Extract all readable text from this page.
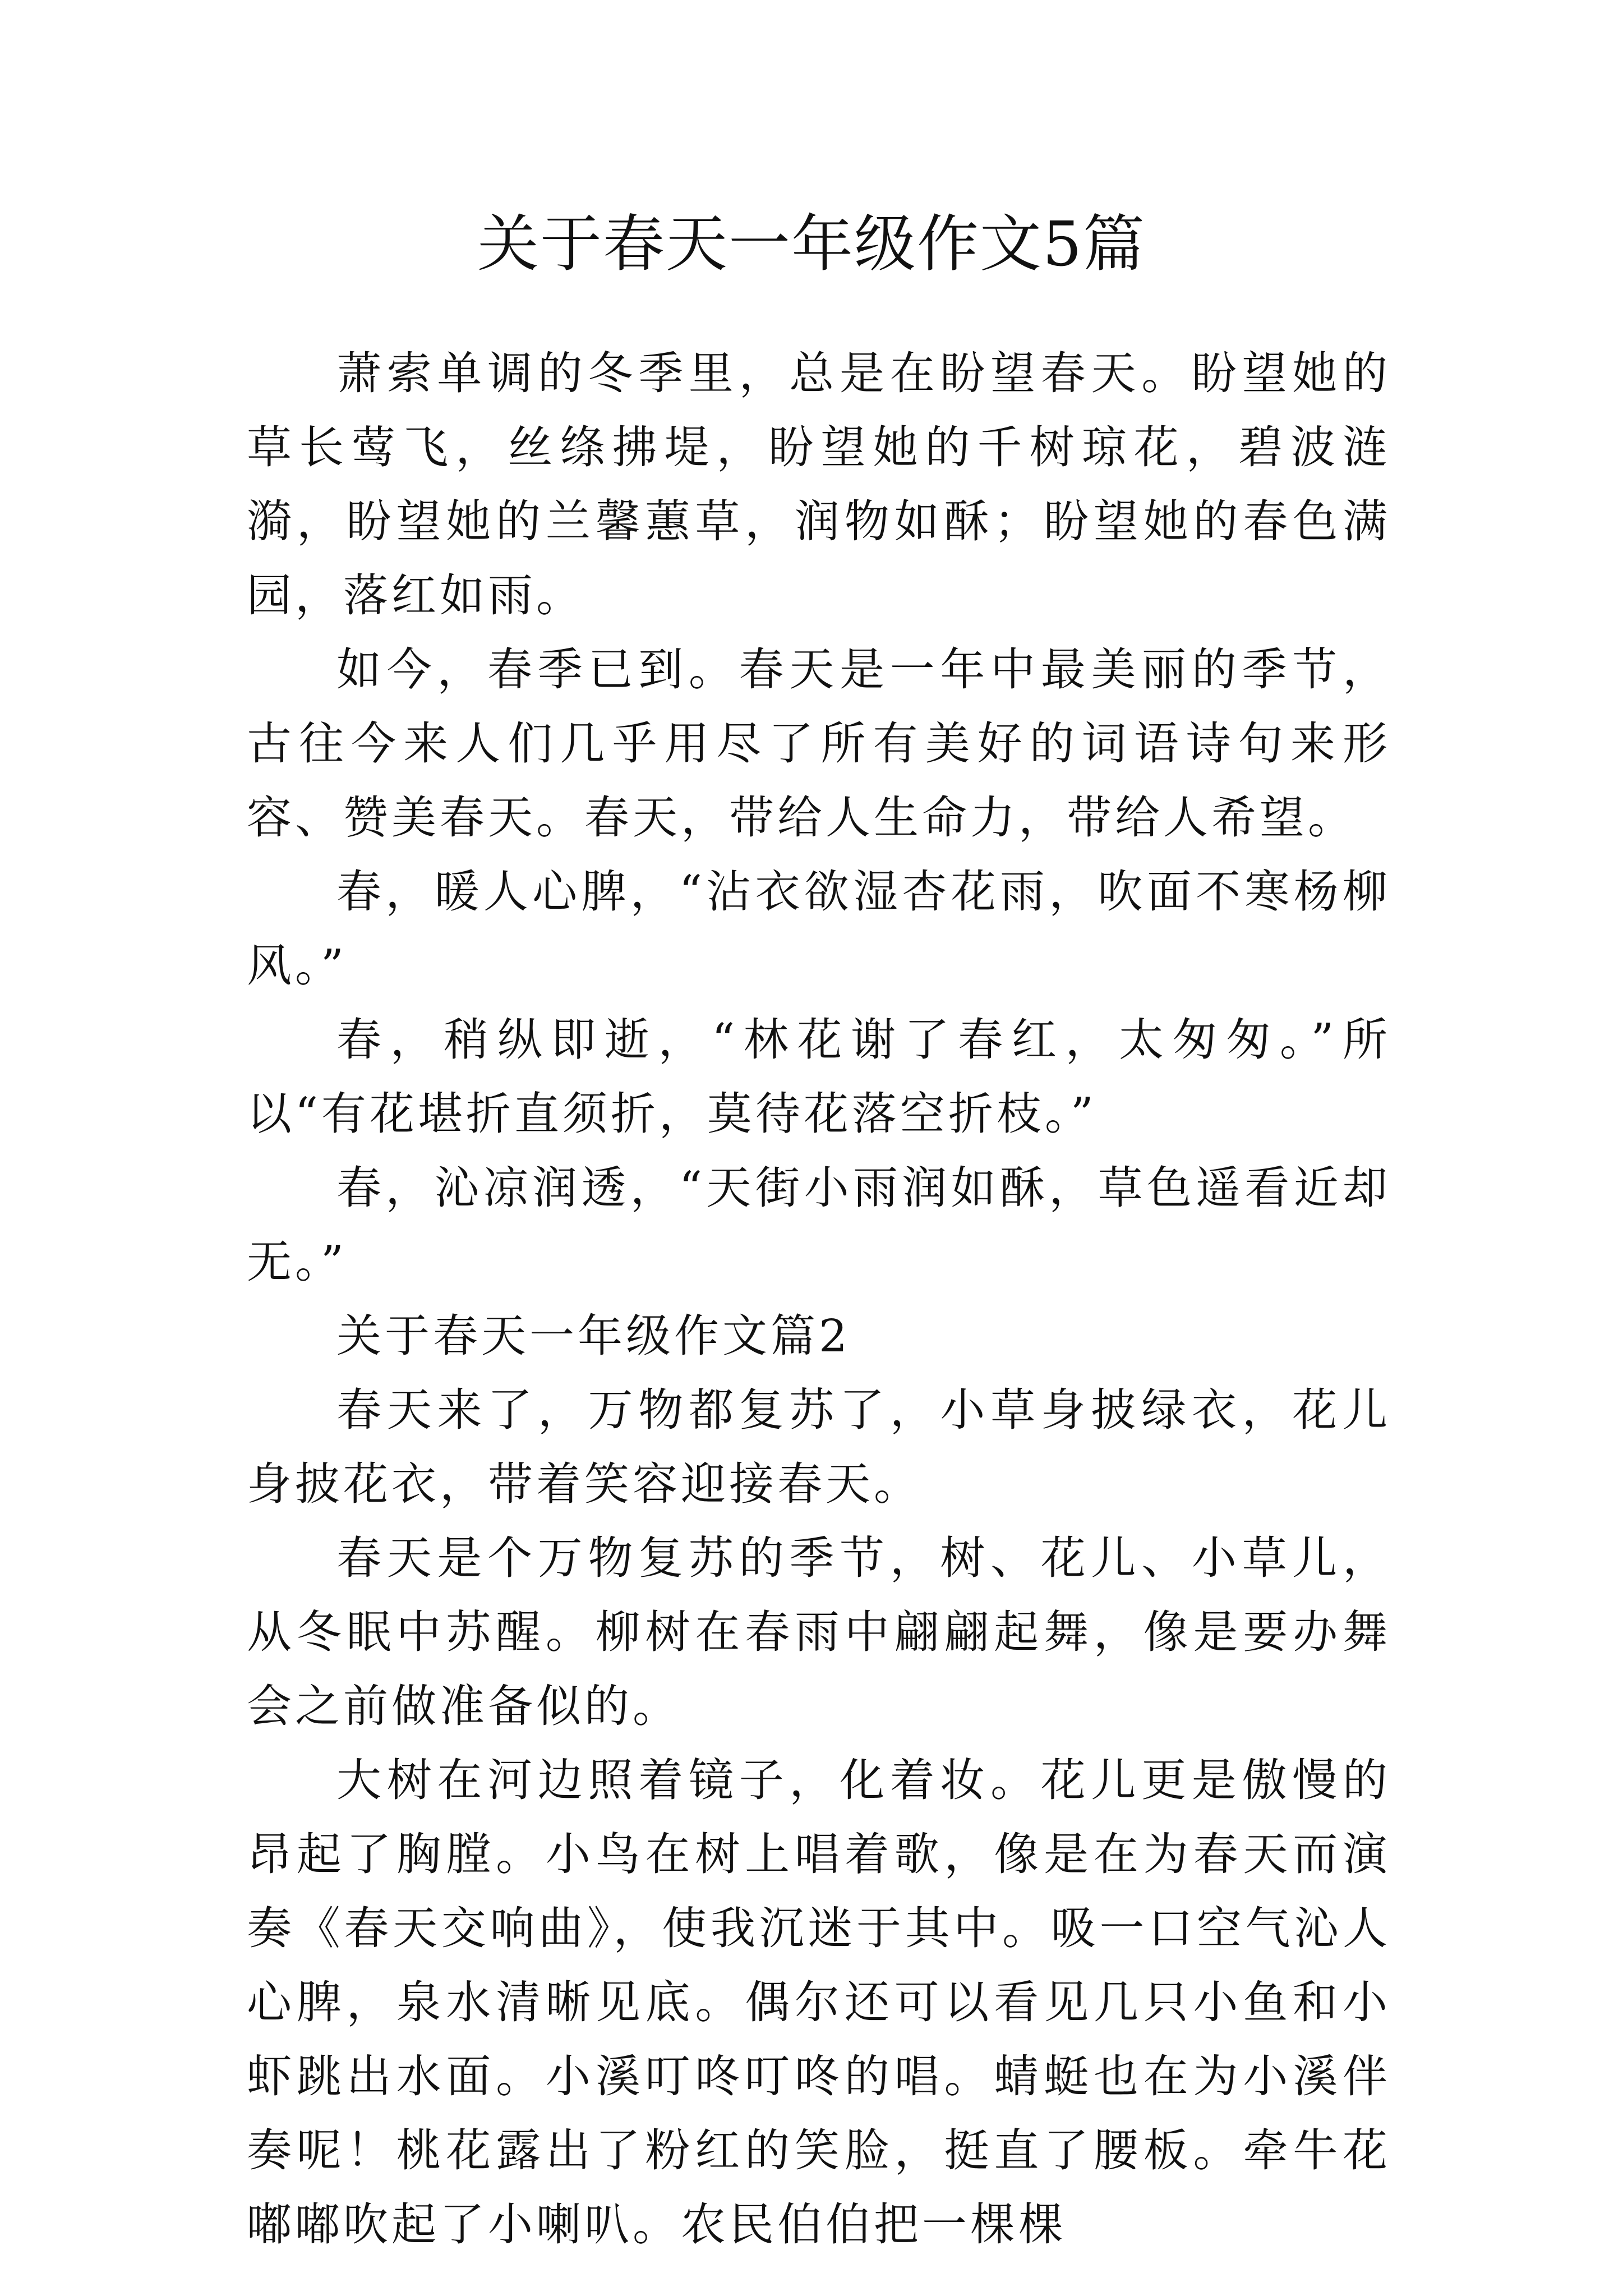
关于春天一年级作文5篇

萧索单调的冬季里，总是在盼望春天。盼望她的草长莺飞，丝绦拂堤，盼望她的千树琼花，碧波涟漪，盼望她的兰馨蕙草，润物如酥；盼望她的春色满园，落红如雨。

如今，春季已到。春天是一年中最美丽的季节，古往今来人们几乎用尽了所有美好的词语诗句来形容、赞美春天。春天，带给人生命力，带给人希望。

春，暖人心脾，“沾衣欲湿杏花雨，吹面不寒杨柳风。”

春，稍纵即逝，“林花谢了春红，太匆匆。”所以“有花堪折直须折，莫待花落空折枝。”

春，沁凉润透，“天街小雨润如酥，草色遥看近却无。”

关于春天一年级作文篇2

春天来了，万物都复苏了，小草身披绿衣，花儿身披花衣，带着笑容迎接春天。

春天是个万物复苏的季节，树、花儿、小草儿，从冬眠中苏醒。柳树在春雨中翩翩起舞，像是要办舞会之前做准备似的。

大树在河边照着镜子，化着妆。花儿更是傲慢的昂起了胸膛。小鸟在树上唱着歌，像是在为春天而演奏《春天交响曲》，使我沉迷于其中。吸一口空气沁人心脾，泉水清晰见底。偶尔还可以看见几只小鱼和小虾跳出水面。小溪叮咚叮咚的唱。蜻蜓也在为小溪伴奏呢！桃花露出了粉红的笑脸，挺直了腰板。牵牛花嘟嘟吹起了小喇叭。农民伯伯把一棵棵
